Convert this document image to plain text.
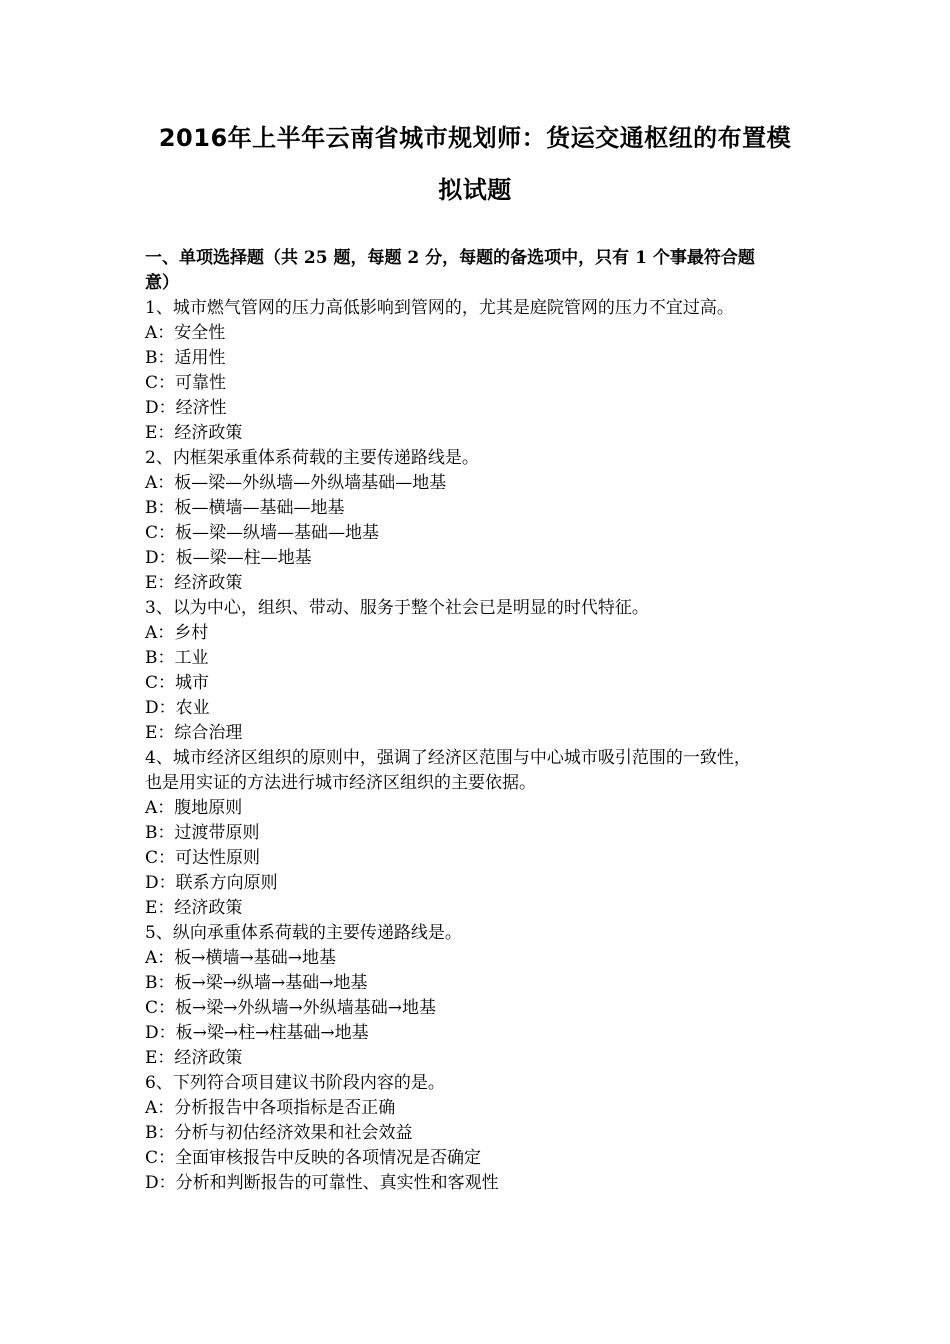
2016年上半年云南省城市规划师：货运交通枢纽的布置模
拟试题

一、单项选择题（共 25 题，每题 2 分，每题的备选项中，只有 1 个事最符合题

意）

1、城市燃气管网的压力高低影响到管网的，尤其是庭院管网的压力不宜过高。

A：安全性

B：适用性

C：可靠性

D：经济性

E：经济政策

2、内框架承重体系荷载的主要传递路线是。

A：板—梁—外纵墙—外纵墙基础—地基

B：板—横墙—基础—地基

C：板—梁—纵墙—基础—地基

D：板—梁—柱—地基

E：经济政策

3、以为中心，组织、带动、服务于整个社会已是明显的时代特征。

A：乡村

B：工业

C：城市

D：农业

E：综合治理

4、城市经济区组织的原则中，强调了经济区范围与中心城市吸引范围的一致性，

也是用实证的方法进行城市经济区组织的主要依据。

A：腹地原则

B：过渡带原则

C：可达性原则

D：联系方向原则

E：经济政策

5、纵向承重体系荷载的主要传递路线是。

A：板→横墙→基础→地基

B：板→梁→纵墙→基础→地基

C：板→梁→外纵墙→外纵墙基础→地基

D：板→梁→柱→柱基础→地基

E：经济政策

6、下列符合项目建议书阶段内容的是。

A：分析报告中各项指标是否正确

B：分析与初估经济效果和社会效益

C：全面审核报告中反映的各项情况是否确定

D：分析和判断报告的可靠性、真实性和客观性
